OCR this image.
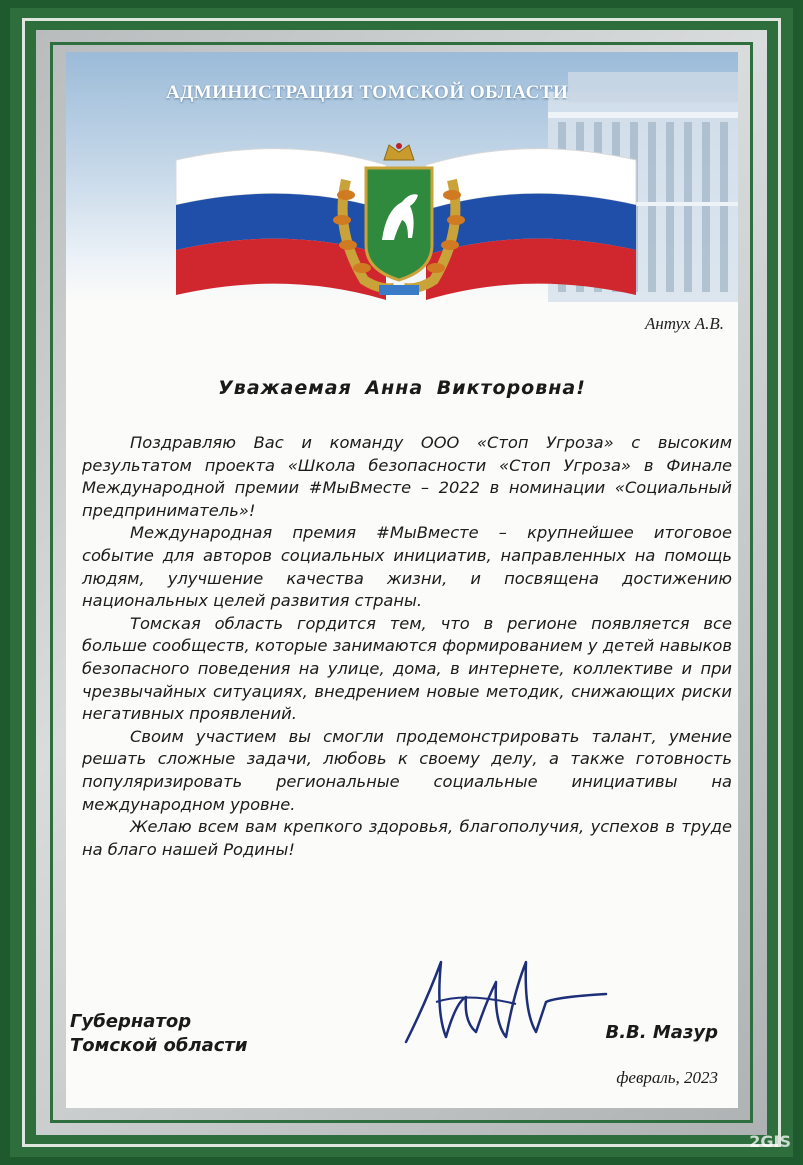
АДМИНИСТРАЦИЯ ТОМСКОЙ ОБЛАСТИ
Антух А.В.
Уважаемая Анна Викторовна!

Поздравляю Вас и команду ООО «Стоп Угроза» с высоким результатом проекта «Школа безопасности «Стоп Угроза» в Финале Международной премии #МыВместе – 2022 в номинации «Социальный предприниматель»!

Международная премия #МыВместе – крупнейшее итоговое событие для авторов социальных инициатив, направленных на помощь людям, улучшение качества жизни, и посвящена достижению национальных целей развития страны.

Томская область гордится тем, что в регионе появляется все больше сообществ, которые занимаются формированием у детей навыков безопасного поведения на улице, дома, в интернете, коллективе и при чрезвычайных ситуациях, внедрением новые методик, снижающих риски негативных проявлений.

Своим участием вы смогли продемонстрировать талант, умение решать сложные задачи, любовь к своему делу, а также готовность популяризировать региональные социальные инициативы на международном уровне.

Желаю всем вам крепкого здоровья, благополучия, успехов в труде на благо нашей Родины!

Губернатор
Томской области
В.В. Мазур
февраль, 2023
2GIS
